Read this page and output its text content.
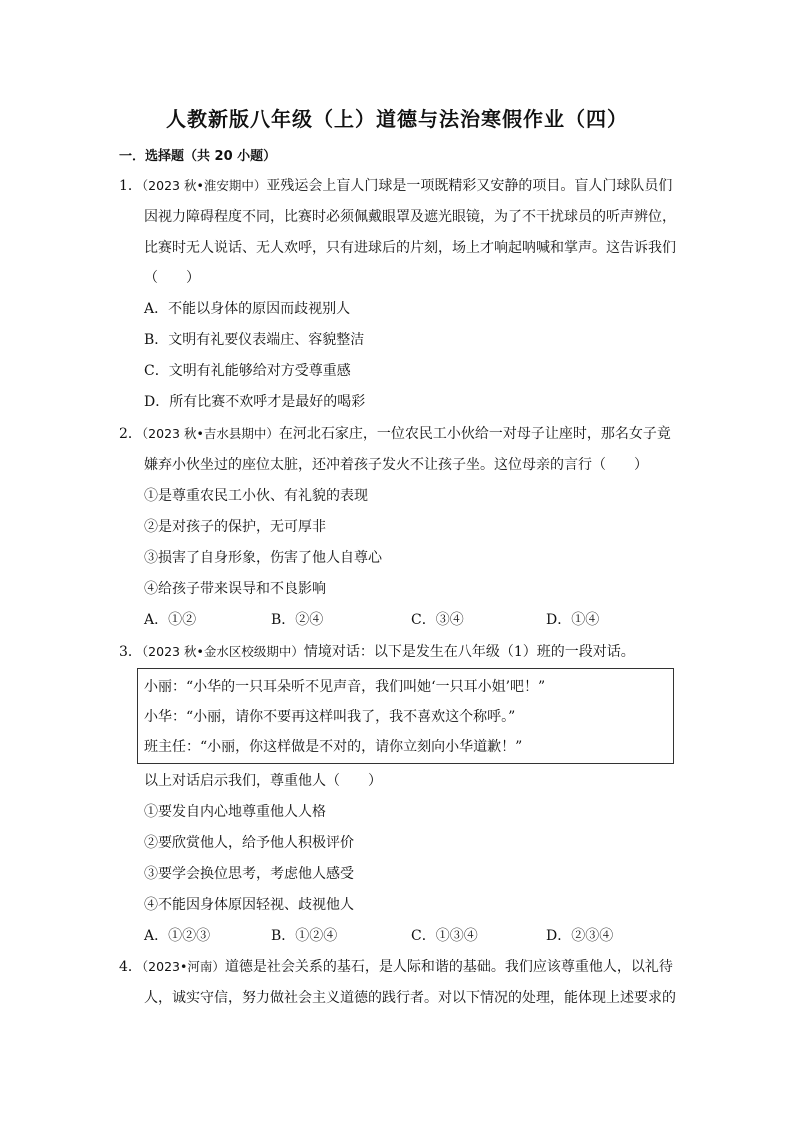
人教新版八年级（上）道德与法治寒假作业（四）
一．选择题（共 20 小题）
1．（2023 秋•淮安期中）亚残运会上盲人门球是一项既精彩又安静的项目。盲人门球队员们
因视力障碍程度不同，比赛时必须佩戴眼罩及遮光眼镜，为了不干扰球员的听声辨位，
比赛时无人说话、无人欢呼，只有进球后的片刻，场上才响起呐喊和掌声。这告诉我们
（　　）
A．不能以身体的原因而歧视别人
B．文明有礼要仪表端庄、容貌整洁
C．文明有礼能够给对方受尊重感
D．所有比赛不欢呼才是最好的喝彩
2．（2023 秋•吉水县期中）在河北石家庄，一位农民工小伙给一对母子让座时，那名女子竟
嫌弃小伙坐过的座位太脏，还冲着孩子发火不让孩子坐。这位母亲的言行（　　）
①是尊重农民工小伙、有礼貌的表现
②是对孩子的保护，无可厚非
③损害了自身形象，伤害了他人自尊心
④给孩子带来误导和不良影响
A．①②	B．②④	C．③④	D．①④
3．（2023 秋•金水区校级期中）情境对话：以下是发生在八年级（1）班的一段对话。
小丽：“小华的一只耳朵听不见声音，我们叫她‘一只耳小姐’吧！”
小华：“小丽，请你不要再这样叫我了，我不喜欢这个称呼。”
班主任：“小丽，你这样做是不对的，请你立刻向小华道歉！”
以上对话启示我们，尊重他人（　　）
①要发自内心地尊重他人人格
②要欣赏他人，给予他人积极评价
③要学会换位思考，考虑他人感受
④不能因身体原因轻视、歧视他人
A．①②③	B．①②④	C．①③④	D．②③④
4．（2023•河南）道德是社会关系的基石，是人际和谐的基础。我们应该尊重他人，以礼待
人，诚实守信，努力做社会主义道德的践行者。对以下情况的处理，能体现上述要求的
